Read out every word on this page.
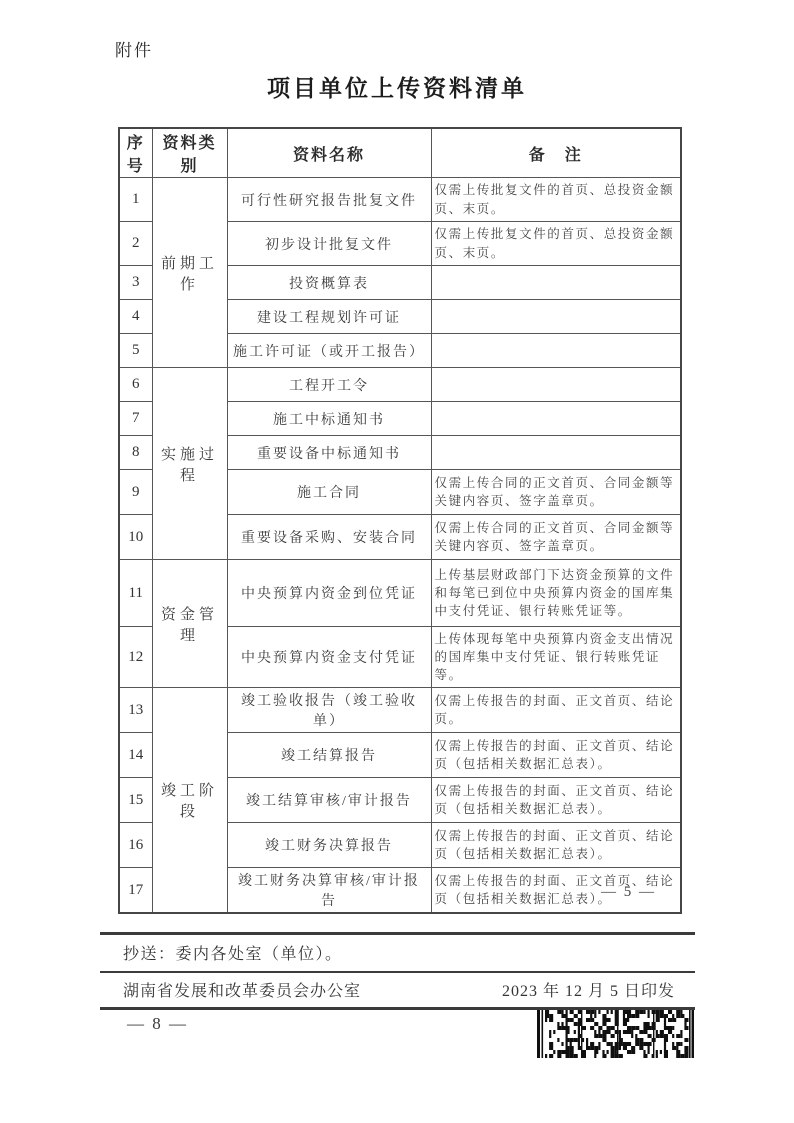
附件
项目单位上传资料清单
序号	资料类别	资料名称	备　注
1	前期工作	可行性研究报告批复文件	仅需上传批复文件的首页、总投资金额页、末页。
2		初步设计批复文件	仅需上传批复文件的首页、总投资金额页、末页。
3		投资概算表	
4		建设工程规划许可证	
5		施工许可证（或开工报告）	
6	实施过程	工程开工令	
7		施工中标通知书	
8		重要设备中标通知书	
9		施工合同	仅需上传合同的正文首页、合同金额等关键内容页、签字盖章页。
10		重要设备采购、安装合同	仅需上传合同的正文首页、合同金额等关键内容页、签字盖章页。
11	资金管理	中央预算内资金到位凭证	上传基层财政部门下达资金预算的文件和每笔已到位中央预算内资金的国库集中支付凭证、银行转账凭证等。
12		中央预算内资金支付凭证	上传体现每笔中央预算内资金支出情况的国库集中支付凭证、银行转账凭证等。
13	竣工阶段	竣工验收报告（竣工验收单）	仅需上传报告的封面、正文首页、结论页。
14		竣工结算报告	仅需上传报告的封面、正文首页、结论页（包括相关数据汇总表）。
15		竣工结算审核/审计报告	仅需上传报告的封面、正文首页、结论页（包括相关数据汇总表）。
16		竣工财务决算报告	仅需上传报告的封面、正文首页、结论页（包括相关数据汇总表）。
17		竣工财务决算审核/审计报告	仅需上传报告的封面、正文首页、结论页（包括相关数据汇总表）。
— 5 —
抄送：委内各处室（单位）。
湖南省发展和改革委员会办公室	2023 年 12 月 5 日印发
— 8 —
